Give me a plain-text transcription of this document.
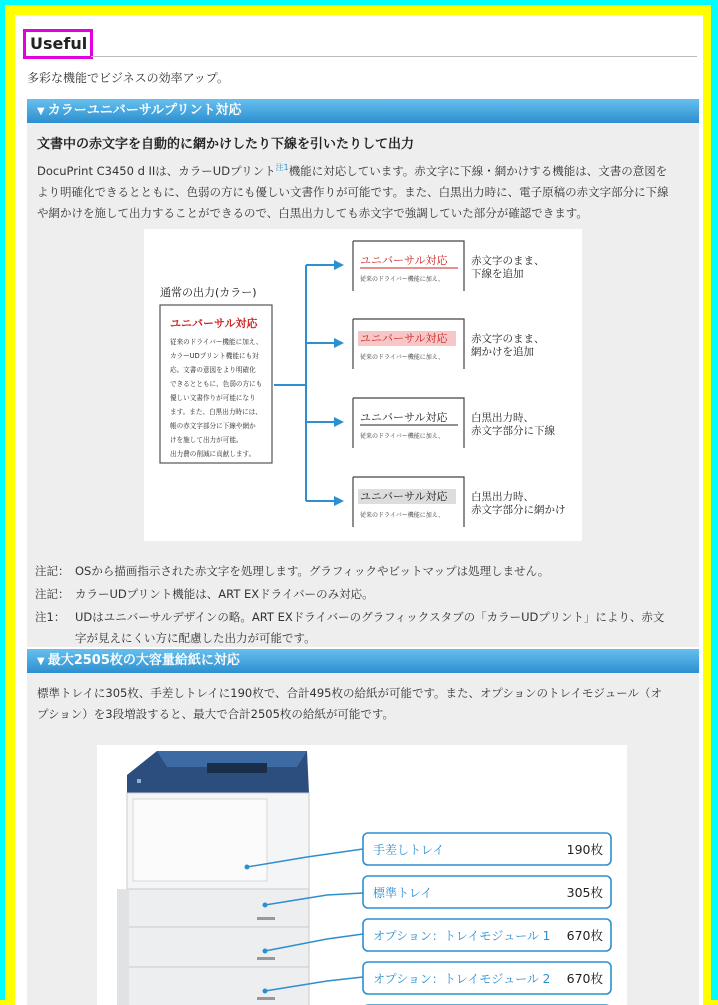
Useful
多彩な機能でビジネスの効率アップ。
▼ カラーユニバーサルプリント対応
文書中の赤文字を自動的に網かけしたり下線を引いたりして出力
DocuPrint C3450 d IIは、カラーUDプリント$^{注1}$機能に対応しています。赤文字に下線・網かけする機能は、文書の意図を
より明確化できるとともに、色弱の方にも優しい文書作りが可能です。また、白黒出力時に、電子原稿の赤文字部分に下線
や網かけを施して出力することができるので、白黒出力しても赤文字で強調していた部分が確認できます。
通常の出力(カラー)
ユニバーサル対応
従来のドライバー機能に加え、
カラーUDプリント機能にも対
応。文書の意図をより明確化
できるとともに、色弱の方にも
優しい文書作りが可能になり
ます。また、白黒出力時には、
帳の赤文字部分に下線や網か
けを施して出力が可能。
出力費の削減に貢献します。
ユニバーサル対応
従来のドライバー機能に加え、
赤文字のまま、
下線を追加
ユニバーサル対応
従来のドライバー機能に加え、
赤文字のまま、
網かけを追加
ユニバーサル対応
従来のドライバー機能に加え、
白黒出力時、
赤文字部分に下線
ユニバーサル対応
従来のドライバー機能に加え、
白黒出力時、
赤文字部分に網かけ
注記： OSから描画指示された赤文字を処理します。グラフィックやビットマップは処理しません。
注記： カラーUDプリント機能は、ART EXドライバーのみ対応。
注1： UDはユニバーサルデザインの略。ART EXドライバーのグラフィックスタブの「カラーUDプリント」により、赤文
字が見えにくい方に配慮した出力が可能です。
▼ 最大2505枚の大容量給紙に対応
標準トレイに305枚、手差しトレイに190枚で、合計495枚の給紙が可能です。また、オプションのトレイモジュール（オ
プション）を3段増設すると、最大で合計2505枚の給紙が可能です。
手差しトレイ	190枚
標準トレイ	305枚
オプション：トレイモジュール 1 670枚
オプション：トレイモジュール 2 670枚
